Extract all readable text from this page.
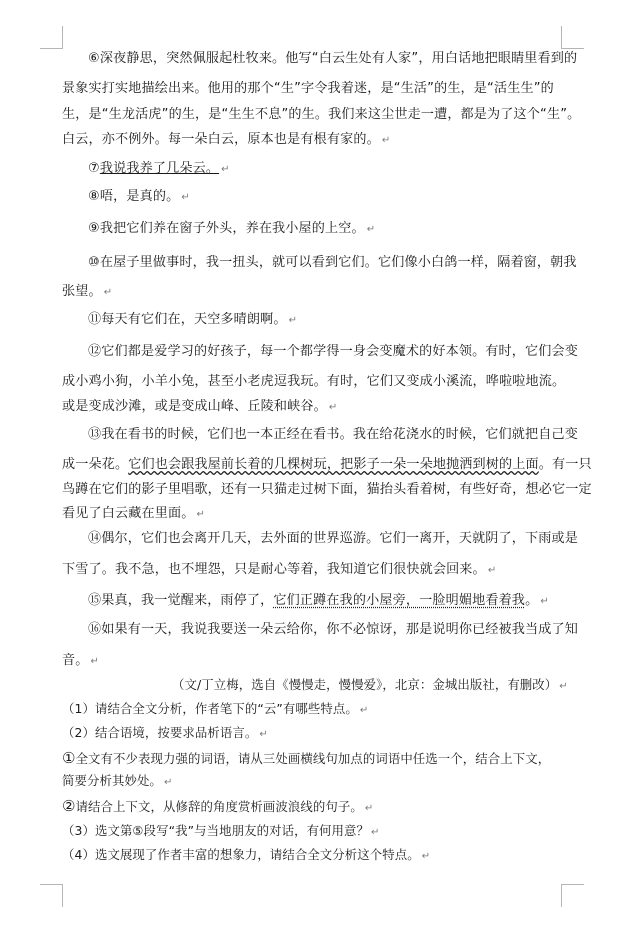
⑥深夜静思，突然佩服起杜牧来。他写“白云生处有人家”，用白话地把眼睛里看到的
景象实打实地描绘出来。他用的那个“生”字令我着迷，是“生活”的生，是“活生生”的
生，是“生龙活虎”的生，是“生生不息”的生。我们来这尘世走一遭，都是为了这个“生”。
白云，亦不例外。每一朵白云，原本也是有根有家的。 ↵
⑦我说我养了几朵云。 ↵
⑧唔，是真的。 ↵
⑨我把它们养在窗子外头，养在我小屋的上空。 ↵
⑩在屋子里做事时，我一扭头，就可以看到它们。它们像小白鸽一样，隔着窗，朝我
张望。 ↵
⑪每天有它们在，天空多晴朗啊。 ↵
⑫它们都是爱学习的好孩子，每一个都学得一身会变魔术的好本领。有时，它们会变
成小鸡小狗，小羊小兔，甚至小老虎逗我玩。有时，它们又变成小溪流，哗啦啦地流。
或是变成沙滩，或是变成山峰、丘陵和峡谷。 ↵
⑬我在看书的时候，它们也一本正经在看书。我在给花浇水的时候，它们就把自己变
成一朵花。它们也会跟我屋前长着的几棵树玩，把影子一朵一朵地抛洒到树的上面。有一只
鸟蹲在它们的影子里唱歌，还有一只猫走过树下面，猫抬头看着树，有些好奇，想必它一定
看见了白云藏在里面。 ↵
⑭偶尔，它们也会离开几天，去外面的世界巡游。它们一离开，天就阴了，下雨或是
下雪了。我不急，也不埋怨，只是耐心等着，我知道它们很快就会回来。 ↵
⑮果真，我一觉醒来，雨停了，它们正蹲在我的小屋旁，一脸明媚地看着我。 ↵
⑯如果有一天，我说我要送一朵云给你，你不必惊讶，那是说明你已经被我当成了知
音。 ↵
（文/丁立梅，选自《慢慢走，慢慢爱》，北京：金城出版社，有删改） ↵
（1）请结合全文分析，作者笔下的“云”有哪些特点。 ↵
（2）结合语境，按要求品析语言。 ↵
①全文有不少表现力强的词语，请从三处画横线句加点的词语中任选一个，结合上下文，
简要分析其妙处。 ↵
②请结合上下文，从修辞的角度赏析画波浪线的句子。 ↵
（3）选文第⑤段写“我”与当地朋友的对话，有何用意？ ↵
（4）选文展现了作者丰富的想象力，请结合全文分析这个特点。 ↵
